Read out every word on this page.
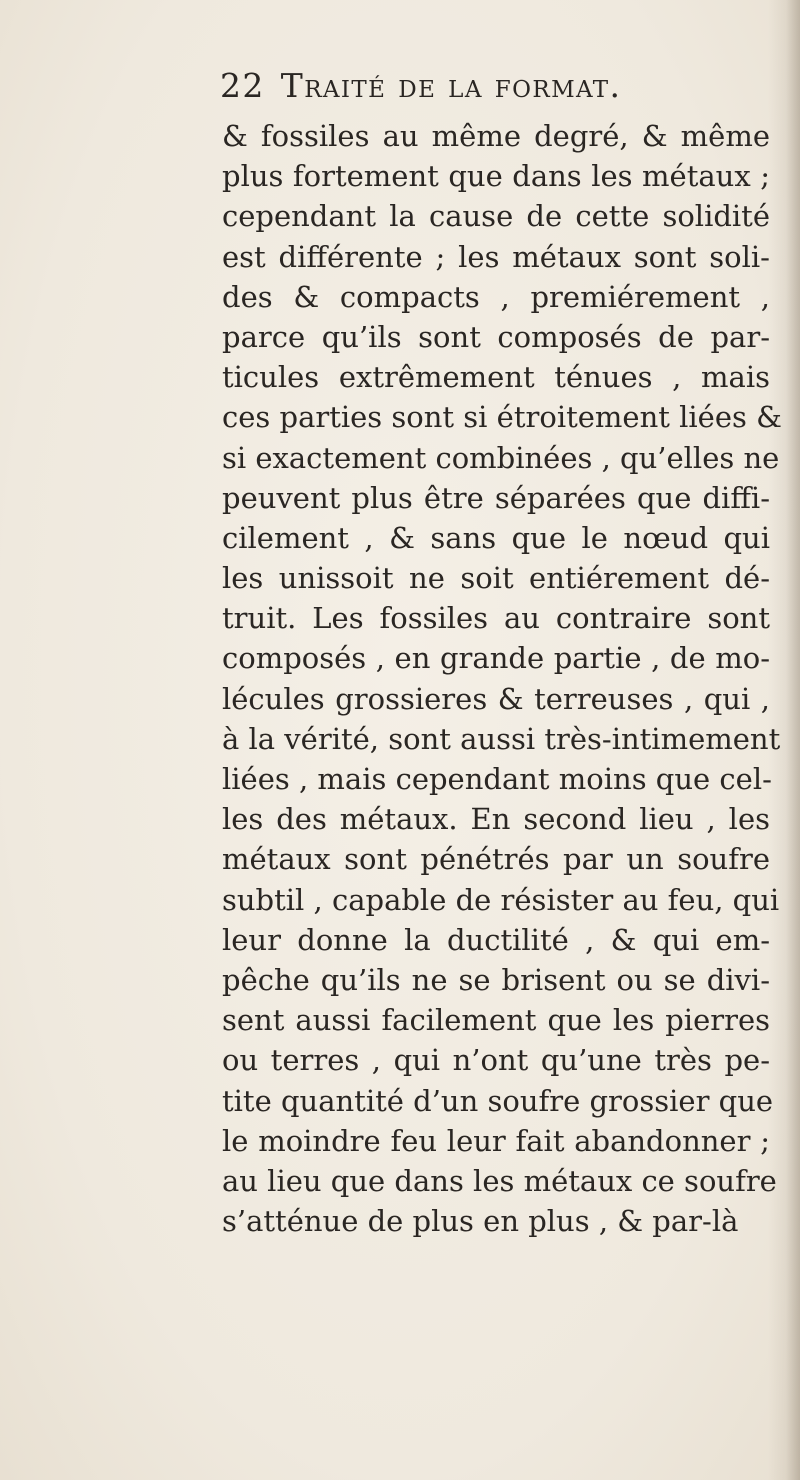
22 Traité de la format.
& fossiles au même degré, & même
plus fortement que dans les métaux ;
cependant la cause de cette solidité
est différente ; les métaux sont soli-
des & compacts , premiérement ,
parce qu’ils sont composés de par-
ticules extrêmement ténues , mais
ces parties sont si étroitement liées &
si exactement combinées , qu’elles ne
peuvent plus être séparées que diffi-
cilement , & sans que le nœud qui
les unissoit ne soit entiérement dé-
truit. Les fossiles au contraire sont
composés , en grande partie , de mo-
lécules grossieres & terreuses , qui ,
à la vérité, sont aussi très-intimement
liées , mais cependant moins que cel-
les des métaux. En second lieu , les
métaux sont pénétrés par un soufre
subtil , capable de résister au feu, qui
leur donne la ductilité , & qui em-
pêche qu’ils ne se brisent ou se divi-
sent aussi facilement que les pierres
ou terres , qui n’ont qu’une très pe-
tite quantité d’un soufre grossier que
le moindre feu leur fait abandonner ;
au lieu que dans les métaux ce soufre
s’atténue de plus en plus , & par-là
